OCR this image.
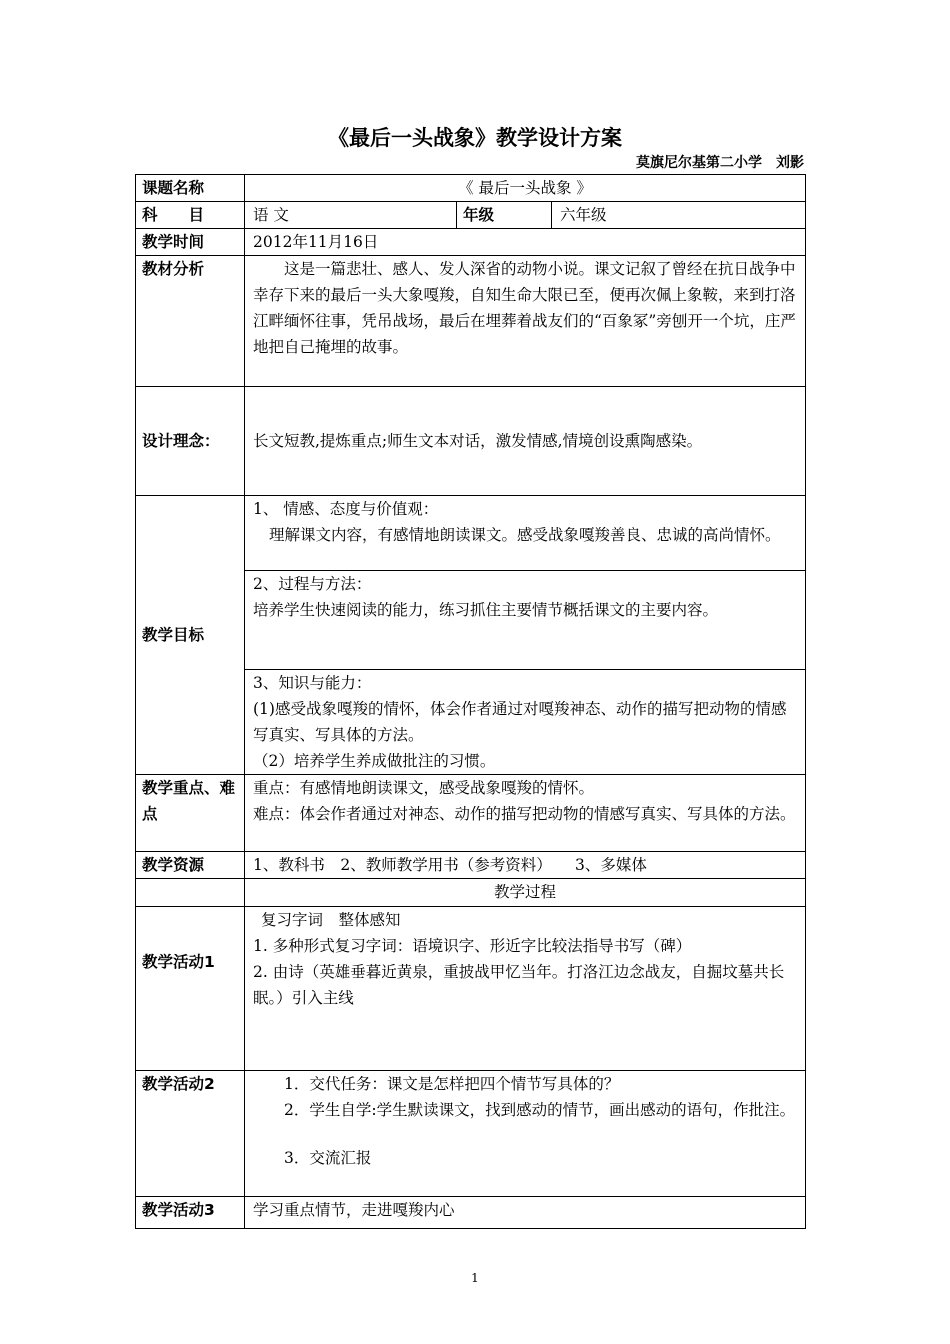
《最后一头战象》教学设计方案
莫旗尼尔基第二小学　刘影
课题名称	《 最后一头战象 》		
科　　目	语 文	年级	六年级
教学时间	2012年11月16日		
教材分析	这是一篇悲壮、感人、发人深省的动物小说。课文记叙了曾经在抗日战争中幸存下来的最后一头大象嘎羧，自知生命大限已至，便再次佩上象鞍，来到打洛江畔缅怀往事，凭吊战场，最后在埋葬着战友们的“百象冢”旁刨开一个坑，庄严地把自己掩埋的故事。		

设计理念：	长文短教,提炼重点;师生文本对话，激发情感,情境创设熏陶感染。		

教学目标	1、 情感、态度与价值观：

理解课文内容，有感情地朗读课文。感受战象嘎羧善良、忠诚的高尚情怀。		

	2、过程与方法：

培养学生快速阅读的能力，练习抓住主要情节概括课文的主要内容。		

	3、知识与能力：

(1)感受战象嘎羧的情怀，体会作者通过对嘎羧神态、动作的描写把动物的情感写真实、写具体的方法。

（2）培养学生养成做批注的习惯。		

教学重点、难点	重点：有感情地朗读课文，感受战象嘎羧的情怀。

难点：体会作者通过对神态、动作的描写把动物的情感写真实、写具体的方法。		

教学资源	1、教科书　2、教师教学用书（参考资料）　　3、多媒体		
	教学过程		
教学活动1	复习字词　整体感知

1. 多种形式复习字词：语境识字、形近字比较法指导书写（碑）

2. 由诗（英雄垂暮近黄泉，重披战甲忆当年。打洛江边念战友，自掘坟墓共长眠。）引入主线		

教学活动2	1．交代任务：课文是怎样把四个情节写具体的？

2．学生自学:学生默读课文，找到感动的情节，画出感动的语句，作批注。

3．交流汇报		

教学活动3	学习重点情节，走进嘎羧内心		
1
